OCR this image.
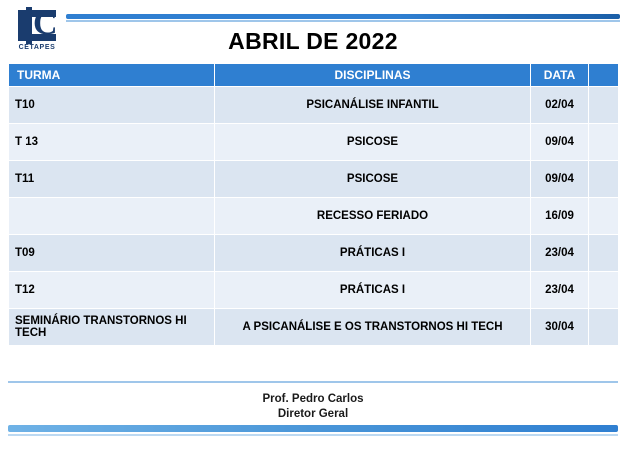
C
CETAPES	ABRIL DE 2022
TURMA	DISCIPLINAS	DATA	
T10	PSICANÁLISE INFANTIL	02/04	
T 13	PSICOSE	09/04	
T11	PSICOSE	09/04	
	RECESSO FERIADO	16/09	
T09	PRÁTICAS I	23/04	
T12	PRÁTICAS I	23/04	
SEMINÁRIO TRANSTORNOS HI TECH	A PSICANÁLISE E OS TRANSTORNOS HI TECH	30/04	
Prof. Pedro Carlos
Diretor Geral
